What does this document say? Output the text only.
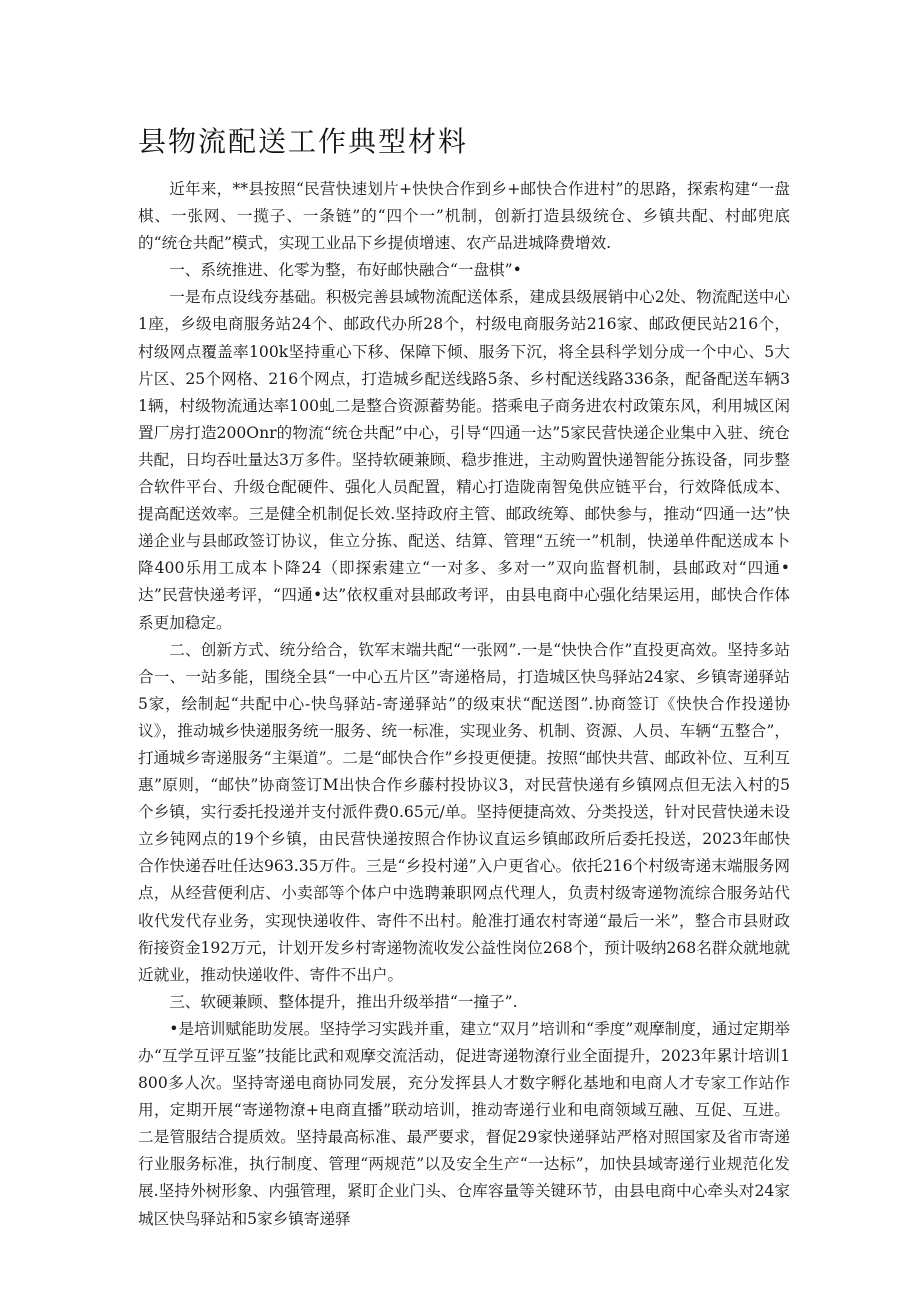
县物流配送工作典型材料

近年来，**县按照“民营快速划片+快快合作到乡+邮快合作进村”的思路，探索构建“一盘棋、一张网、一揽子、一条链”的“四个一”机制，创新打造县级统仓、乡镇共配、村邮兜底的“统仓共配”模式，实现工业品下乡提侦增速、农产品进城降费增效.

一、系统推进、化零为整，布好邮快融合“一盘棋”•

一是布点设线夯基础。积极完善县域物流配送体系，建成县级展销中心2处、物流配送中心1座，乡级电商服务站24个、邮政代办所28个，村级电商服务站216家、邮政便民站216个，村级网点覆盖率100k坚持重心下移、保障下倾、服务下沉，将全县科学划分成一个中心、5大片区、25个网格、216个网点，打造城乡配送线路5条、乡村配送线路336条，配备配送车辆31辆，村级物流通达率100虬二是整合资源蓄势能。搭乘电子商务进农村政策东风，利用城区闲置厂房打造200Onr的物流“统仓共配”中心，引导“四通一达”5家民营快递企业集中入驻、统仓共配，日均吞吐量达3万多件。坚持软硬兼顾、稳步推进，主动购置快递智能分拣设备，同步整合软件平台、升级仓配硬件、强化人员配置，精心打造陇南智兔供应链平台，行效降低成本、提高配送效率。三是健全机制促长效.坚持政府主管、邮政统筹、邮快参与，推动“四通一达”快递企业与县邮政签订协议，隹立分拣、配送、结算、管理“五统一”机制，快递单件配送成本卜降400乐用工成本卜降24（即探索建立“一对多、多对一”双向监督机制，县邮政对“四通•达”民营快递考评，“四通•达”依权重对县邮政考评，由县电商中心强化结果运用，邮快合作体系更加稳定。

二、创新方式、统分给合，钦军末端共配“一张网”.一是“快快合作”直投更高效。坚持多站合一、一站多能，围绕全县“一中心五片区”寄递格局，打造城区快鸟驿站24家、乡镇寄递驿站5家，绘制起“共配中心-快鸟驿站-寄递驿站”的级束状“配送图”.协商签订《快快合作投递协议》，推动城乡快递服务统一服务、统一标准，实现业务、机制、资源、人员、车辆“五整合”，打通城乡寄递服务“主渠道”。二是“邮快合作”乡投更便捷。按照“邮快共营、邮政补位、互利互惠”原则，“邮快”协商签订M出快合作乡藤村投协议3，对民营快递有乡镇网点但无法入村的5个乡镇，实行委托投递并支付派件费0.65元/单。坚持便捷高效、分类投送，针对民营快递未设立乡钝网点的19个乡镇，由民营快递按照合作协议直运乡镇邮政所后委托投送，2023年邮快合作快递吞吐任达963.35万件。三是“乡投村递”入户更省心。依托216个村级寄递末端服务网点，从经营便利店、小卖部等个体户中选聘兼职网点代理人，负责村级寄递物流综合服务站代收代发代存业务，实现快递收件、寄件不出村。舱准打通农村寄递“最后一米”，整合市县财政衔接资金192万元，计划开发乡村寄递物流收发公益性岗位268个，预计吸纳268名群众就地就近就业，推动快递收件、寄件不出户。

三、软硬兼顾、整体提升，推出升级举措“一撞子”.

•是培训赋能助发展。坚持学习实践并重，建立“双月”培训和“季度”观摩制度，通过定期举办“互学互评互鉴”技能比武和观摩交流活动，促进寄递物潦行业全面提升，2023年累计培训1800多人次。坚持寄递电商协同发展，充分发挥县人才数字孵化基地和电商人才专家工作站作用，定期开展“寄递物潦+电商直播”联动培训，推动寄递行业和电商领域互融、互促、互进。二是管服结合提质效。坚持最高标准、最严要求，督促29家快递驿站严格对照国家及省市寄递行业服务标准，执行制度、管理“两规范”以及安全生产“一达标”，加快县域寄递行业规范化发展.坚持外树形象、内强管理，紧盯企业门头、仓库容量等关键环节，由县电商中心牵头对24家城区快鸟驿站和5家乡镇寄递驿
